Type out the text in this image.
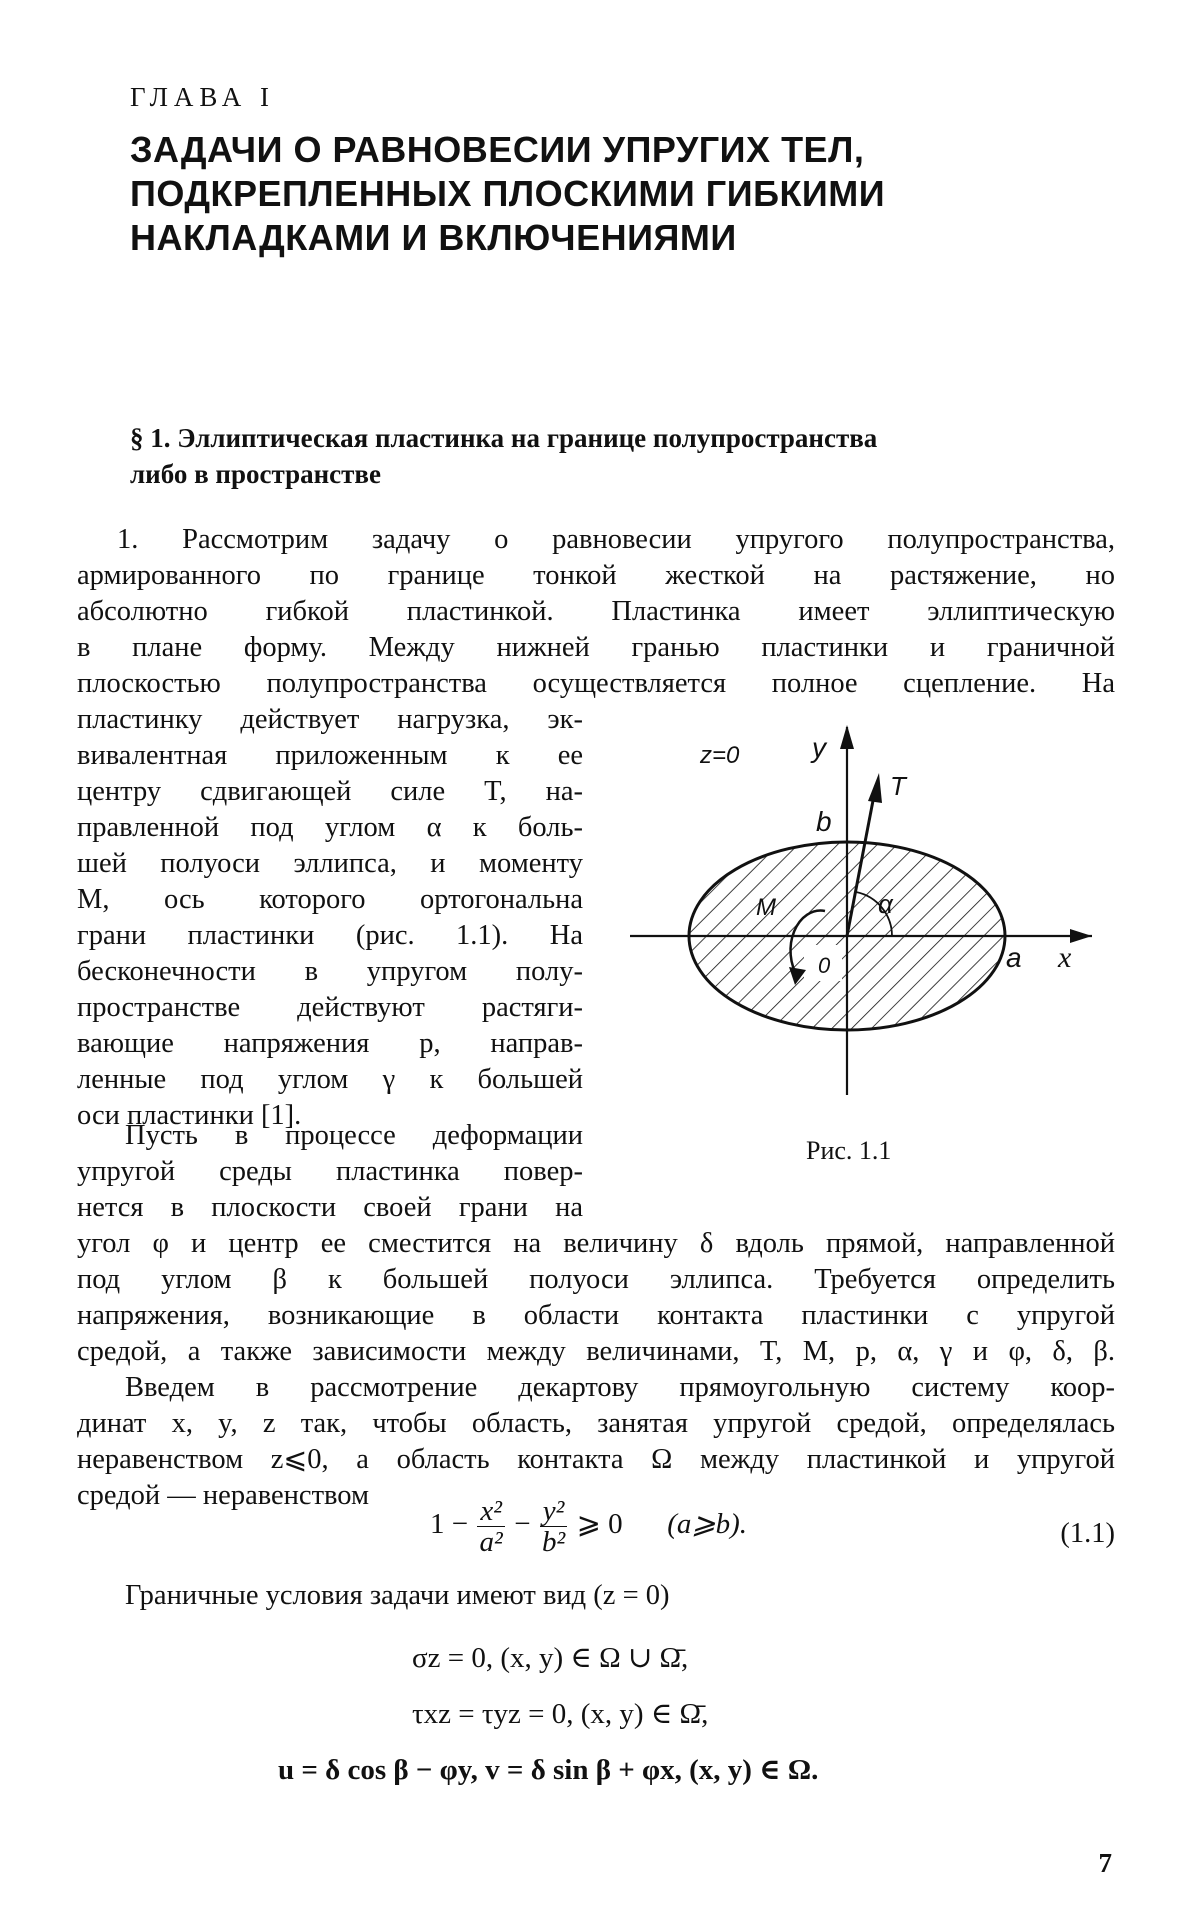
ГЛАВА I
ЗАДАЧИ О РАВНОВЕСИИ УПРУГИХ ТЕЛ,
ПОДКРЕПЛЕННЫХ ПЛОСКИМИ ГИБКИМИ
НАКЛАДКАМИ И ВКЛЮЧЕНИЯМИ
§ 1. Эллиптическая пластинка на границе полупространства
либо в пространстве
1. Рассмотрим задачу о равновесии упругого полупространства,
армированного по границе тонкой жесткой на растяжение, но
абсолютно гибкой пластинкой. Пластинка имеет эллиптическую
в плане форму. Между нижней гранью пластинки и граничной
плоскостью полупространства осуществляется полное сцепление. На
пластинку действует нагрузка, эк-
вивалентная приложенным к ее
центру сдвигающей силе T, на-
правленной под углом α к боль-
шей полуоси эллипса, и моменту
M, ось которого ортогональна
грани пластинки (рис. 1.1). На
бесконечности в упругом полу-
пространстве действуют растяги-
вающие напряжения p, направ-
ленные под углом γ к большей
оси пластинки [1].
Пусть в процессе деформации
упругой среды пластинка повер-
нется в плоскости своей грани на
угол φ и центр ее сместится на величину δ вдоль прямой, направленной
под углом β к большей полуоси эллипса. Требуется определить
напряжения, возникающие в области контакта пластинки с упругой
средой, а также зависимости между величинами, T, M, p, α, γ и φ, δ, β.
Введем в рассмотрение декартову прямоугольную систему коор-
динат x, y, z так, чтобы область, занятая упругой средой, определялась
неравенством z⩽0, а область контакта Ω между пластинкой и упругой
средой — неравенством
z=0	y
b
T
M	α
0	a x
Рис. 1.1
$1 - \frac{\text{x²}}{\text{a²}} - \frac{\text{y²}}{\text{b²}}$ ⩾ 0 (a⩾b).	(1.1)
Граничные условия задачи имеют вид (z = 0)
σz = 0, (x, y) ∈ Ω ∪ Ω̄,
τxz = τyz = 0, (x, y) ∈ Ω̄,
u = δ cos β − φy, v = δ sin β + φx, (x, y) ∈ Ω.
7
